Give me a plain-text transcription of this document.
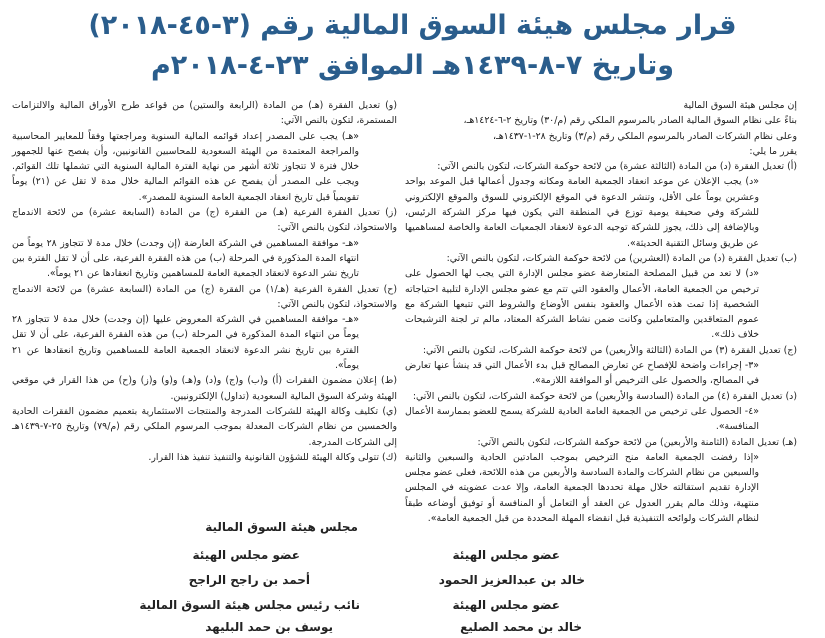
قرار مجلس هيئة السوق المالية رقم (٣-٤٥-٢٠١٨)
وتاريخ ٧-٨-١٤٣٩هـ الموافق ٢٣-٤-٢٠١٨م

إن مجلس هيئة السوق المالية

بناءً على نظام السوق المالية الصادر بالمرسوم الملكي رقم (م/٣٠) وتاريخ ٢-٦-١٤٢٤هـ،

وعلى نظام الشركات الصادر بالمرسوم الملكي رقم (م/٣) وتاريخ ٢٨-١-١٤٣٧هـ،

يقرر ما يلي:

(أ) تعديل الفقرة (د) من المادة (الثالثة عشرة) من لائحة حوكمة الشركات، لتكون بالنص الآتي:

«د) يجب الإعلان عن موعد انعقاد الجمعية العامة ومكانه وجدول أعمالها قبل الموعد بواحد وعشرين يوماً على الأقل، وتنشر الدعوة في الموقع الإلكتروني للسوق والموقع الإلكتروني للشركة وفي صحيفة يومية توزع في المنطقة التي يكون فيها مركز الشركة الرئيس، وبالإضافة إلى ذلك، يجوز للشركة توجيه الدعوة لانعقاد الجمعيات العامة والخاصة لمساهميها عن طريق وسائل التقنية الحديثة».

(ب) تعديل الفقرة (د) من المادة (العشرين) من لائحة حوكمة الشركات، لتكون بالنص الآتي:

«د) لا تعد من قبيل المصلحة المتعارضة عضو مجلس الإدارة التي يجب لها الحصول على ترخيص من الجمعية العامة، الأعمال والعقود التي تتم مع عضو مجلس الإدارة لتلبية احتياجاته الشخصية إذا تمت هذه الأعمال والعقود بنفس الأوضاع والشروط التي تتبعها الشركة مع عموم المتعاقدين والمتعاملين وكانت ضمن نشاط الشركة المعتاد، مالم تر لجنة الترشيحات خلاف ذلك».

(ج) تعديل الفقرة (٣) من المادة (الثالثة والأربعين) من لائحة حوكمة الشركات، لتكون بالنص الآتي:

«٣- إجراءات واضحة للإفصاح عن تعارض المصالح قبل بدء الأعمال التي قد ينشأ عنها تعارض في المصالح، والحصول على الترخيص أو الموافقة اللازمة».

(د) تعديل الفقرة (٤) من المادة (السادسة والأربعين) من لائحة حوكمة الشركات، لتكون بالنص الآتي:

«٤- الحصول على ترخيص من الجمعية العامة العادية للشركة يسمح للعضو بممارسة الأعمال المنافسة».

(هـ) تعديل المادة (الثامنة والأربعين) من لائحة حوكمة الشركات، لتكون بالنص الآتي:

«إذا رفضت الجمعية العامة منح الترخيص بموجب المادتين الحادية والسبعين والثانية والسبعين من نظام الشركات والمادة السادسة والأربعين من هذه اللائحة، فعلى عضو مجلس الإدارة تقديم استقالته خلال مهلة تحددها الجمعية العامة، وإلا عدت عضويته في المجلس منتهية، وذلك مالم يقرر العدول عن العقد أو التعامل أو المنافسة أو توفيق أوضاعه طبقاً لنظام الشركات ولوائحه التنفيذية قبل انقضاء المهلة المحددة من قبل الجمعية العامة».

(و) تعديل الفقرة (هـ) من المادة (الرابعة والستين) من قواعد طرح الأوراق المالية والالتزامات المستمرة، لتكون بالنص الآتي:

«هـ) يجب على المصدر إعداد قوائمه المالية السنوية ومراجعتها وفقاً للمعايير المحاسبية والمراجعة المعتمدة من الهيئة السعودية للمحاسبين القانونيين، وأن يفصح عنها للجمهور خلال فترة لا تتجاوز ثلاثة أشهر من نهاية الفترة المالية السنوية التي تشملها تلك القوائم. ويجب على المصدر أن يفصح عن هذه القوائم المالية خلال مدة لا تقل عن (٢١) يوماً تقويمياً قبل تاريخ انعقاد الجمعية العامة السنوية للمصدر».

(ز) تعديل الفقرة الفرعية (هـ) من الفقرة (ج) من المادة (السابعة عشرة) من لائحة الاندماج والاستحواذ، لتكون بالنص الآتي:

«هـ- موافقة المساهمين في الشركة العارضة (إن وجدت) خلال مدة لا تتجاوز ٢٨ يوماً من انتهاء المدة المذكورة في المرحلة (ب) من هذه الفقرة الفرعية، على أن لا تقل الفترة بين تاريخ نشر الدعوة لانعقاد الجمعية العامة للمساهمين وتاريخ انعقادها عن ٢١ يوماً».

(ح) تعديل الفقرة الفرعية (هـ/١) من الفقرة (ج) من المادة (السابعة عشرة) من لائحة الاندماج والاستحواذ، لتكون بالنص الآتي:

«هـ- موافقة المساهمين في الشركة المعروض عليها (إن وجدت) خلال مدة لا تتجاوز ٢٨ يوماً من انتهاء المدة المذكورة في المرحلة (ب) من هذه الفقرة الفرعية، على أن لا تقل الفترة بين تاريخ نشر الدعوة لانعقاد الجمعية العامة للمساهمين وتاريخ انعقادها عن ٢١ يوماً».

(ط) إعلان مضمون الفقرات (أ) و(ب) و(ج) و(د) و(هـ) و(و) و(ز) و(ح) من هذا القرار في موقعي الهيئة وشركة السوق المالية السعودية (تداول) الإلكترونيين.

(ي) تكليف وكالة الهيئة للشركات المدرجة والمنتجات الاستثمارية بتعميم مضمون الفقرات الحادية والخمسين من نظام الشركات المعدلة بموجب المرسوم الملكي رقم (م/٧٩) وتاريخ ٢٥-٧-١٤٣٩هـ إلى الشركات المدرجة.

(ك) تتولى وكالة الهيئة للشؤون القانونية والتنفيذ تنفيذ هذا القرار.

مجلس هيئة السوق المالية
عضو مجلس الهيئة
أحمد بن راجح الراجح
عضو مجلس الهيئة
خالد بن عبدالعزيز الحمود
نائب رئيس مجلس هيئة السوق المالية
يوسف بن حمد البليهد
عضو مجلس الهيئة
خالد بن محمد الصليع
